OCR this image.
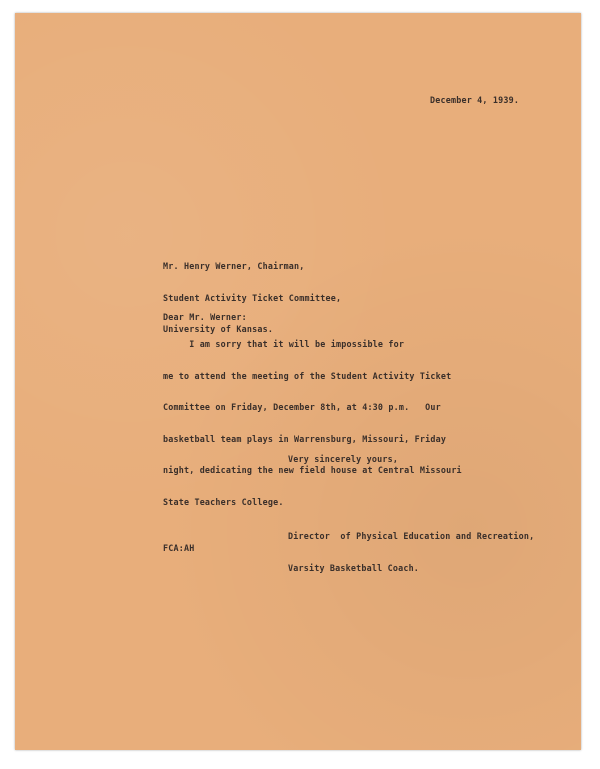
December 4, 1939.

Mr. Henry Werner, Chairman,

Student Activity Ticket Committee,

University of Kansas.

Dear Mr. Werner:

I am sorry that it will be impossible for

me to attend the meeting of the Student Activity Ticket

Committee on Friday, December 8th, at 4:30 p.m.   Our

basketball team plays in Warrensburg, Missouri, Friday

night, dedicating the new field house at Central Missouri

State Teachers College.

Very sincerely yours,

Director  of Physical Education and Recreation,

Varsity Basketball Coach.

FCA:AH
